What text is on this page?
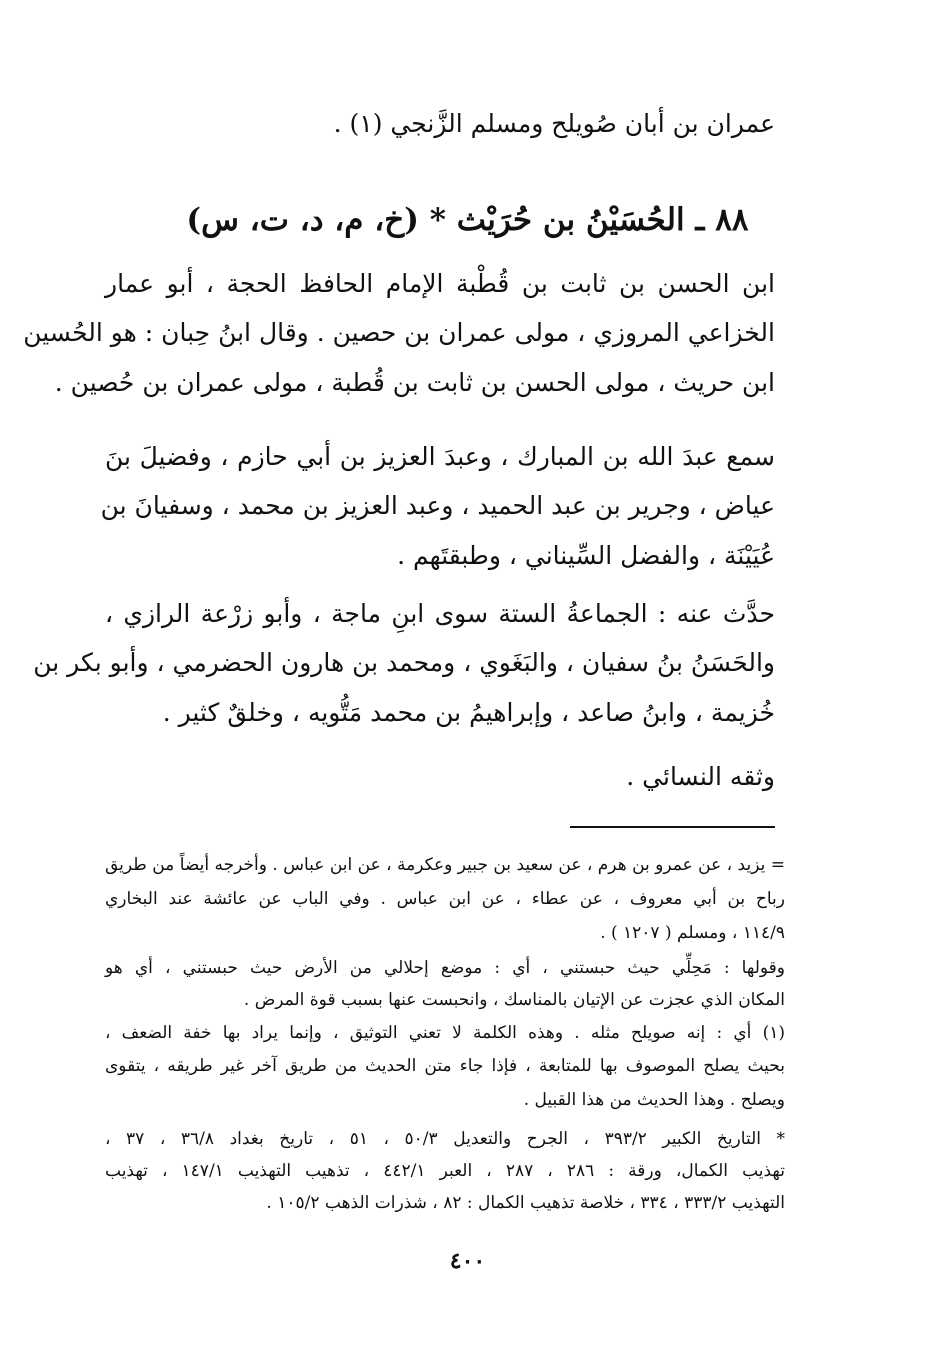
عمران بن أبان صُويلح ومسلم الزَّنجي (١) .

٨٨ ـ الحُسَيْنُ بن حُرَيْث * (خ، م، د، ت، س)

ابن الحسن بن ثابت بن قُطْبة الإمام الحافظ الحجة ، أبو عمار

الخزاعي المروزي ، مولى عمران بن حصين . وقال ابنُ حِبان : هو الحُسين

ابن حريث ، مولى الحسن بن ثابت بن قُطبة ، مولى عمران بن حُصين .

سمع عبدَ الله بن المبارك ، وعبدَ العزيز بن أبي حازم ، وفضيلَ بنَ

عياض ، وجرير بن عبد الحميد ، وعبد العزيز بن محمد ، وسفيانَ بن

عُيَيْنَة ، والفضل السِّيناني ، وطبقتَهم .

حدَّث عنه : الجماعةُ الستة سوى ابنِ ماجة ، وأبو زرْعة الرازي ،

والحَسَنُ بنُ سفيان ، والبَغَوي ، ومحمد بن هارون الحضرمي ، وأبو بكر بن

خُزيمة ، وابنُ صاعد ، وإبراهيمُ بن محمد مَتُّويه ، وخلقٌ كثير .

وثقه النسائي .

= يزيد ، عن عمرو بن هرم ، عن سعيد بن جبير وعكرمة ، عن ابن عباس . وأخرجه أيضاً من طريق

رباح بن أبي معروف ، عن عطاء ، عن ابن عباس . وفي الباب عن عائشة عند البخاري

١١٤/٩ ، ومسلم ( ١٢٠٧ ) .

وقولها : مَحِلِّي حيث حبستني ، أي : موضع إحلالي من الأرض حيث حبستني ، أي هو

المكان الذي عجزت عن الإتيان بالمناسك ، وانحبست عنها بسبب قوة المرض .

(١) أي : إنه صويلح مثله . وهذه الكلمة لا تعني التوثيق ، وإنما يراد بها خفة الضعف ،

بحيث يصلح الموصوف بها للمتابعة ، فإذا جاء متن الحديث من طريق آخر غير طريقه ، يتقوى

ويصلح . وهذا الحديث من هذا القبيل .

* التاريخ الكبير ٣٩٣/٢ ، الجرح والتعديل ٥٠/٣ ، ٥١ ، تاريخ بغداد ٣٦/٨ ، ٣٧ ،

تهذيب الكمال، ورقة : ٢٨٦ ، ٢٨٧ ، العبر ٤٤٢/١ ، تذهيب التهذيب ١٤٧/١ ، تهذيب

التهذيب ٣٣٣/٢ ، ٣٣٤ ، خلاصة تذهيب الكمال : ٨٢ ، شذرات الذهب ١٠٥/٢ .

٤٠٠
